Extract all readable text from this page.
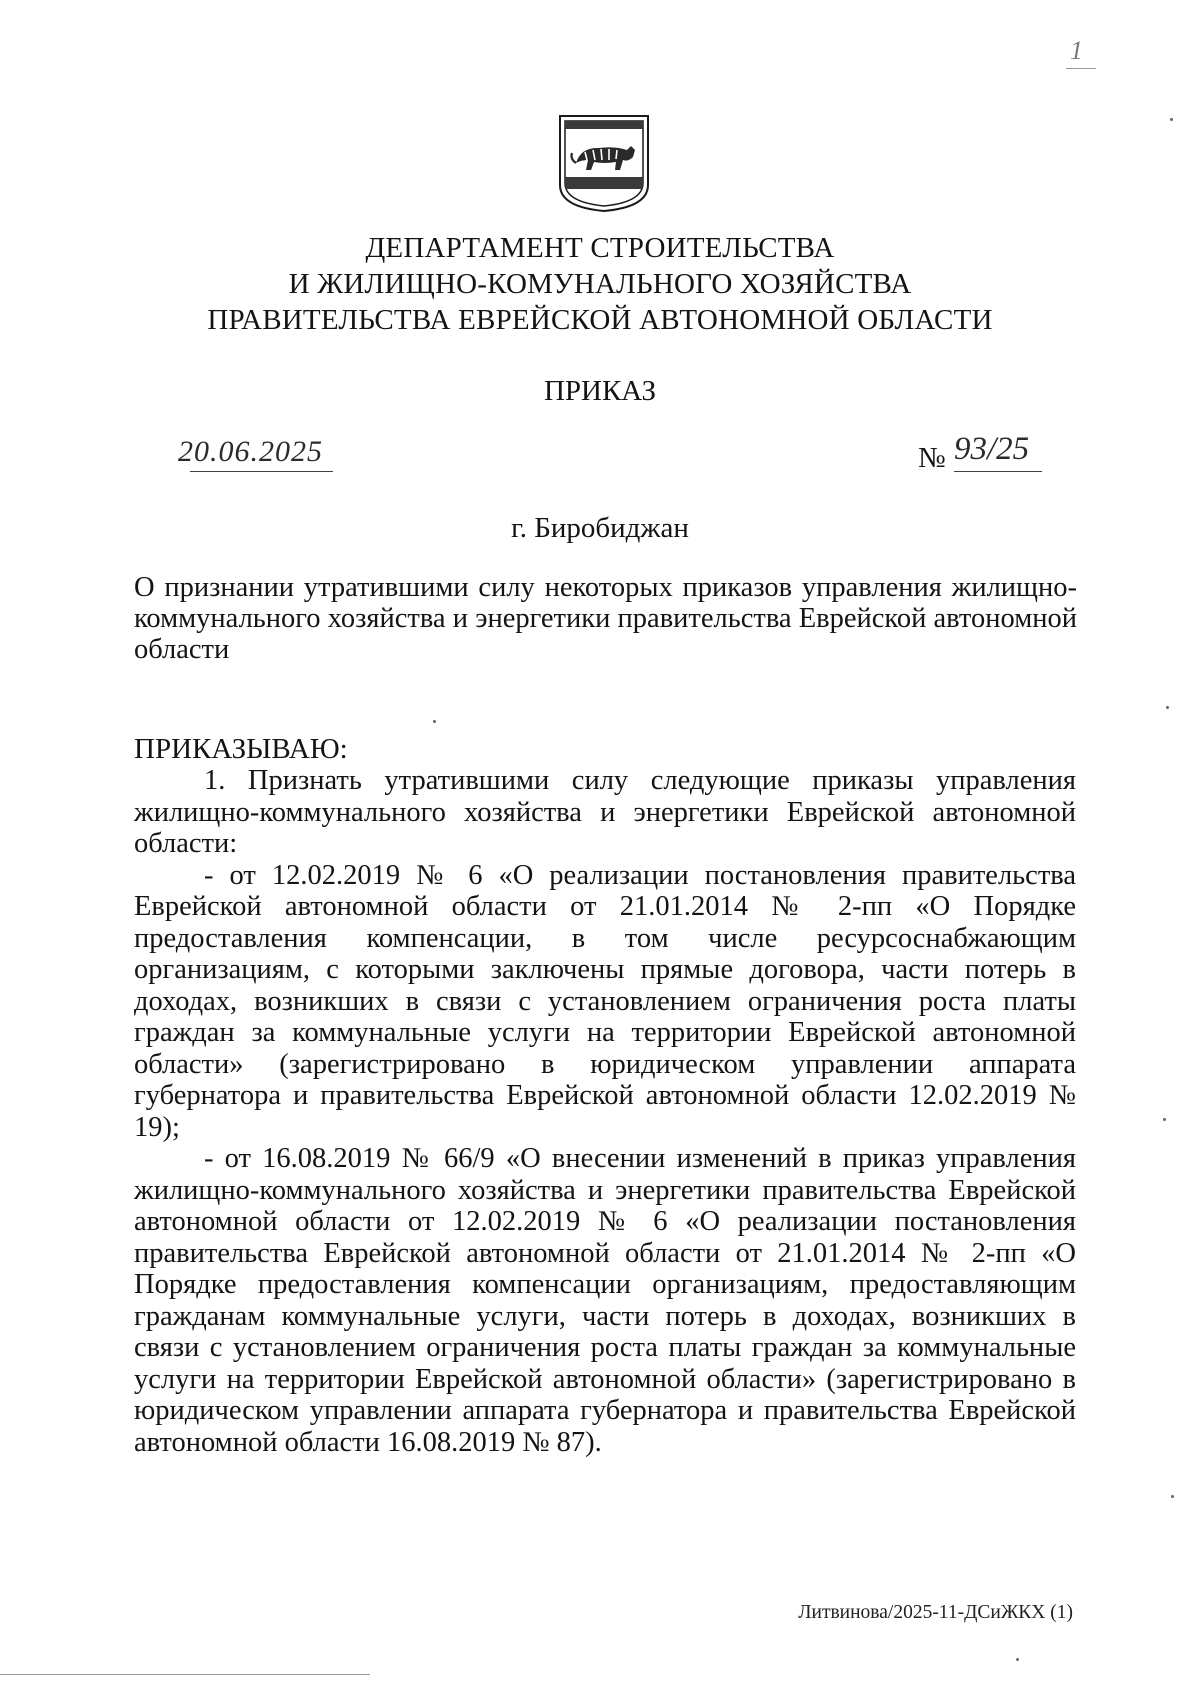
1
ДЕПАРТАМЕНТ СТРОИТЕЛЬСТВА
И ЖИЛИЩНО-КОМУНАЛЬНОГО ХОЗЯЙСТВА
ПРАВИТЕЛЬСТВА ЕВРЕЙСКОЙ АВТОНОМНОЙ ОБЛАСТИ
ПРИКАЗ
20.06.2025	№ 93/25
г. Биробиджан
О признании утратившими силу некоторых приказов управления жилищно-коммунального хозяйства и энергетики правительства Еврейской автономной области
ПРИКАЗЫВАЮ:

1. Признать утратившими силу следующие приказы управления жилищно-коммунального хозяйства и энергетики Еврейской автономной области:

- от 12.02.2019 № 6 «О реализации постановления правительства Еврейской автономной области от 21.01.2014 № 2-пп «О Порядке предоставления компенсации, в том числе ресурсоснабжающим организациям, с которыми заключены прямые договора, части потерь в доходах, возникших в связи с установлением ограничения роста платы граждан за коммунальные услуги на территории Еврейской автономной области» (зарегистрировано в юридическом управлении аппарата губернатора и правительства Еврейской автономной области 12.02.2019 № 19);

- от 16.08.2019 № 66/9 «О внесении изменений в приказ управления жилищно-коммунального хозяйства и энергетики правительства Еврейской автономной области от 12.02.2019 № 6 «О реализации постановления правительства Еврейской автономной области от 21.01.2014 № 2-пп «О Порядке предоставления компенсации организациям, предоставляющим гражданам коммунальные услуги, части потерь в доходах, возникших в связи с установлением ограничения роста платы граждан за коммунальные услуги на территории Еврейской автономной области» (зарегистрировано в юридическом управлении аппарата губернатора и правительства Еврейской автономной области 16.08.2019 № 87).

Литвинова/2025-11-ДСиЖКХ (1)
